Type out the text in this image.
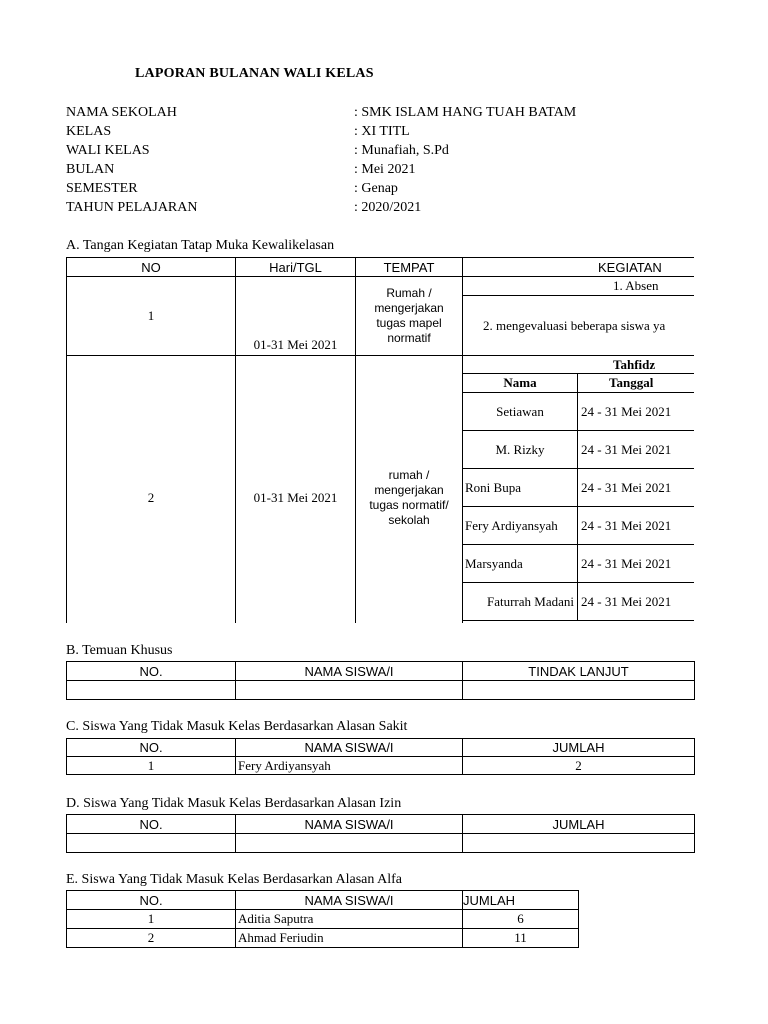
LAPORAN BULANAN WALI KELAS
NAMA SEKOLAH	: SMK ISLAM HANG TUAH BATAM
KELAS	: XI TITL
WALI KELAS	: Munafiah, S.Pd
BULAN	: Mei 2021
SEMESTER	: Genap
TAHUN PELAJARAN	: 2020/2021
A. Tangan Kegiatan Tatap Muka Kewalikelasan
NO	Hari/TGL	TEMPAT	KEGIATAN	
1	01-31 Mei 2021	Rumah / mengerjakan tugas mapel normatif	1. Absen	
			2. mengevaluasi beberapa siswa ya	
2	01-31 Mei 2021	rumah / mengerjakan tugas normatif/ sekolah	Tahfidz	
			Nama	Tanggal
			Setiawan	24 - 31 Mei 2021
			M. Rizky	24 - 31 Mei 2021
			Roni Bupa	24 - 31 Mei 2021
			Fery Ardiyansyah	24 - 31 Mei 2021
			Marsyanda	24 - 31 Mei 2021
			Faturrah Madani	24 - 31 Mei 2021

B. Temuan Khusus
NO.	NAMA SISWA/I	TINDAK LANJUT

C. Siswa Yang Tidak Masuk Kelas Berdasarkan Alasan Sakit
NO.	NAMA SISWA/I	JUMLAH
1	Fery Ardiyansyah	2
D. Siswa Yang Tidak Masuk Kelas Berdasarkan Alasan Izin
NO.	NAMA SISWA/I	JUMLAH

E. Siswa Yang Tidak Masuk Kelas Berdasarkan Alasan Alfa
NO.	NAMA SISWA/I	JUMLAH
1	Aditia Saputra	6
2	Ahmad Feriudin	11
